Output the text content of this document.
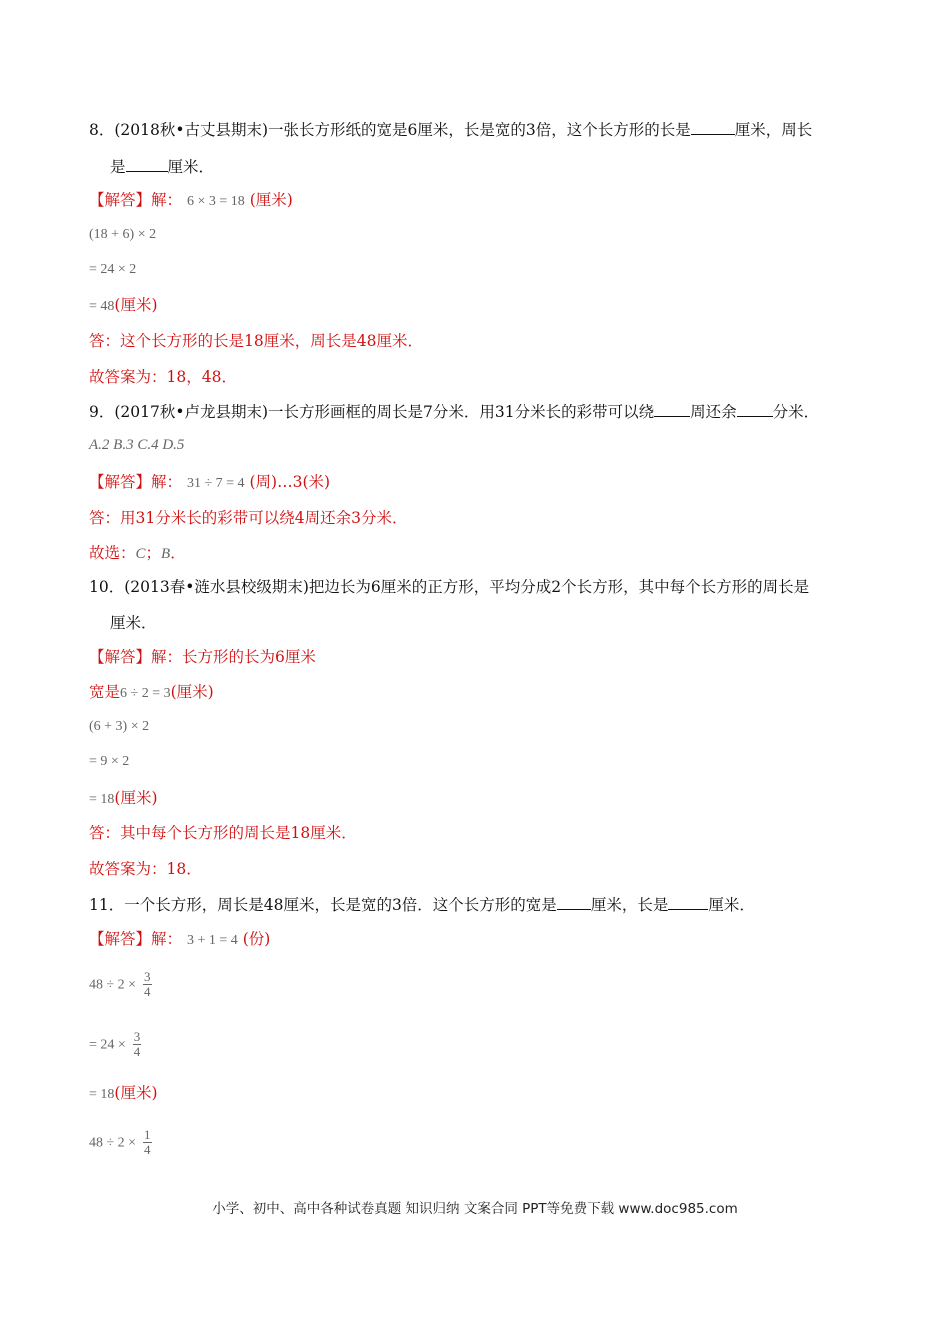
8．(2018秋•古丈县期末)一张长方形纸的宽是6厘米，长是宽的3倍，这个长方形的长是	厘米，周长
是	厘米．
【解答】解： 6 × 3 = 18 (厘米)
(18 + 6) × 2
= 24 × 2
= 48(厘米)
答：这个长方形的长是18厘米，周长是48厘米．
故答案为：18，48．
9．(2017秋•卢龙县期末)一长方形画框的周长是7分米．用31分米长的彩带可以绕 周还余 分米．
A.2 B.3 C.4 D.5
【解答】解： 31 ÷ 7 = 4 (周)…3(米)
答：用31分米长的彩带可以绕4周还余3分米．
故选：C；B．
10．(2013春•涟水县校级期末)把边长为6厘米的正方形，平均分成2个长方形，其中每个长方形的周长是
厘米．
【解答】解：长方形的长为6厘米
宽是6 ÷ 2 = 3(厘米)
(6 + 3) × 2
= 9 × 2
= 18(厘米)
答：其中每个长方形的周长是18厘米．
故答案为：18．
11．一个长方形，周长是48厘米，长是宽的3倍．这个长方形的宽是 厘米，长是	厘米．
【解答】解： 3 + 1 = 4 (份)
$48 \div 2 \times \frac{3}{4}$
= $24 \times \frac{3}{4}$
= 18(厘米)
$48 \div 2 \times \frac{1}{4}$
小学、初中、高中各种试卷真题 知识归纳 文案合同 PPT等免费下载 www.doc985.com
